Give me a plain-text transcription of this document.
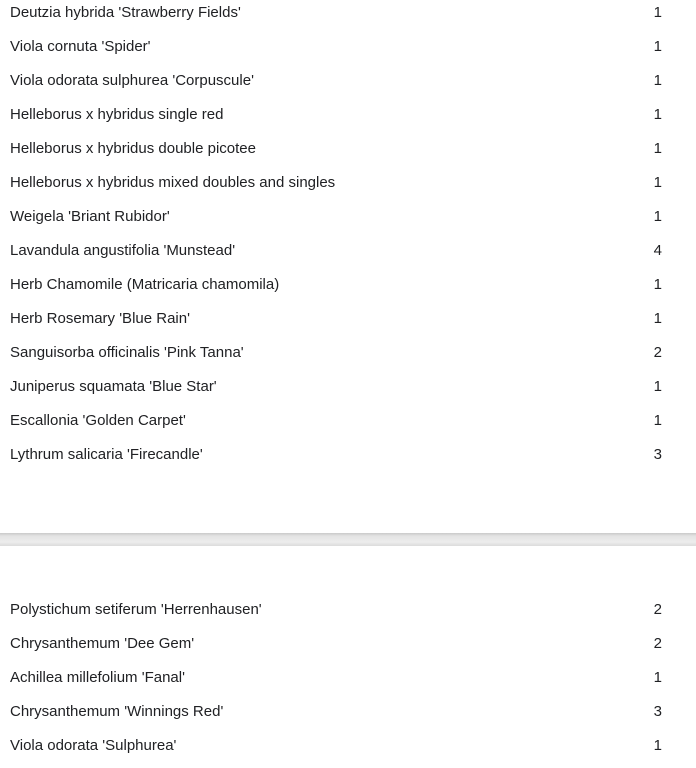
Deutzia hybrida 'Strawberry Fields'	1
Viola cornuta 'Spider'	1
Viola odorata sulphurea 'Corpuscule'	1
Helleborus x hybridus single red	1
Helleborus x hybridus double picotee	1
Helleborus x hybridus mixed doubles and singles	1
Weigela 'Briant Rubidor'	1
Lavandula angustifolia 'Munstead'	4
Herb Chamomile (Matricaria chamomila)	1
Herb Rosemary 'Blue Rain'	1
Sanguisorba officinalis 'Pink Tanna'	2
Juniperus squamata 'Blue Star'	1
Escallonia 'Golden Carpet'	1
Lythrum salicaria 'Firecandle'	3
Polystichum setiferum 'Herrenhausen'	2
Chrysanthemum 'Dee Gem'	2
Achillea millefolium 'Fanal'	1
Chrysanthemum 'Winnings Red'	3
Viola odorata 'Sulphurea'	1
